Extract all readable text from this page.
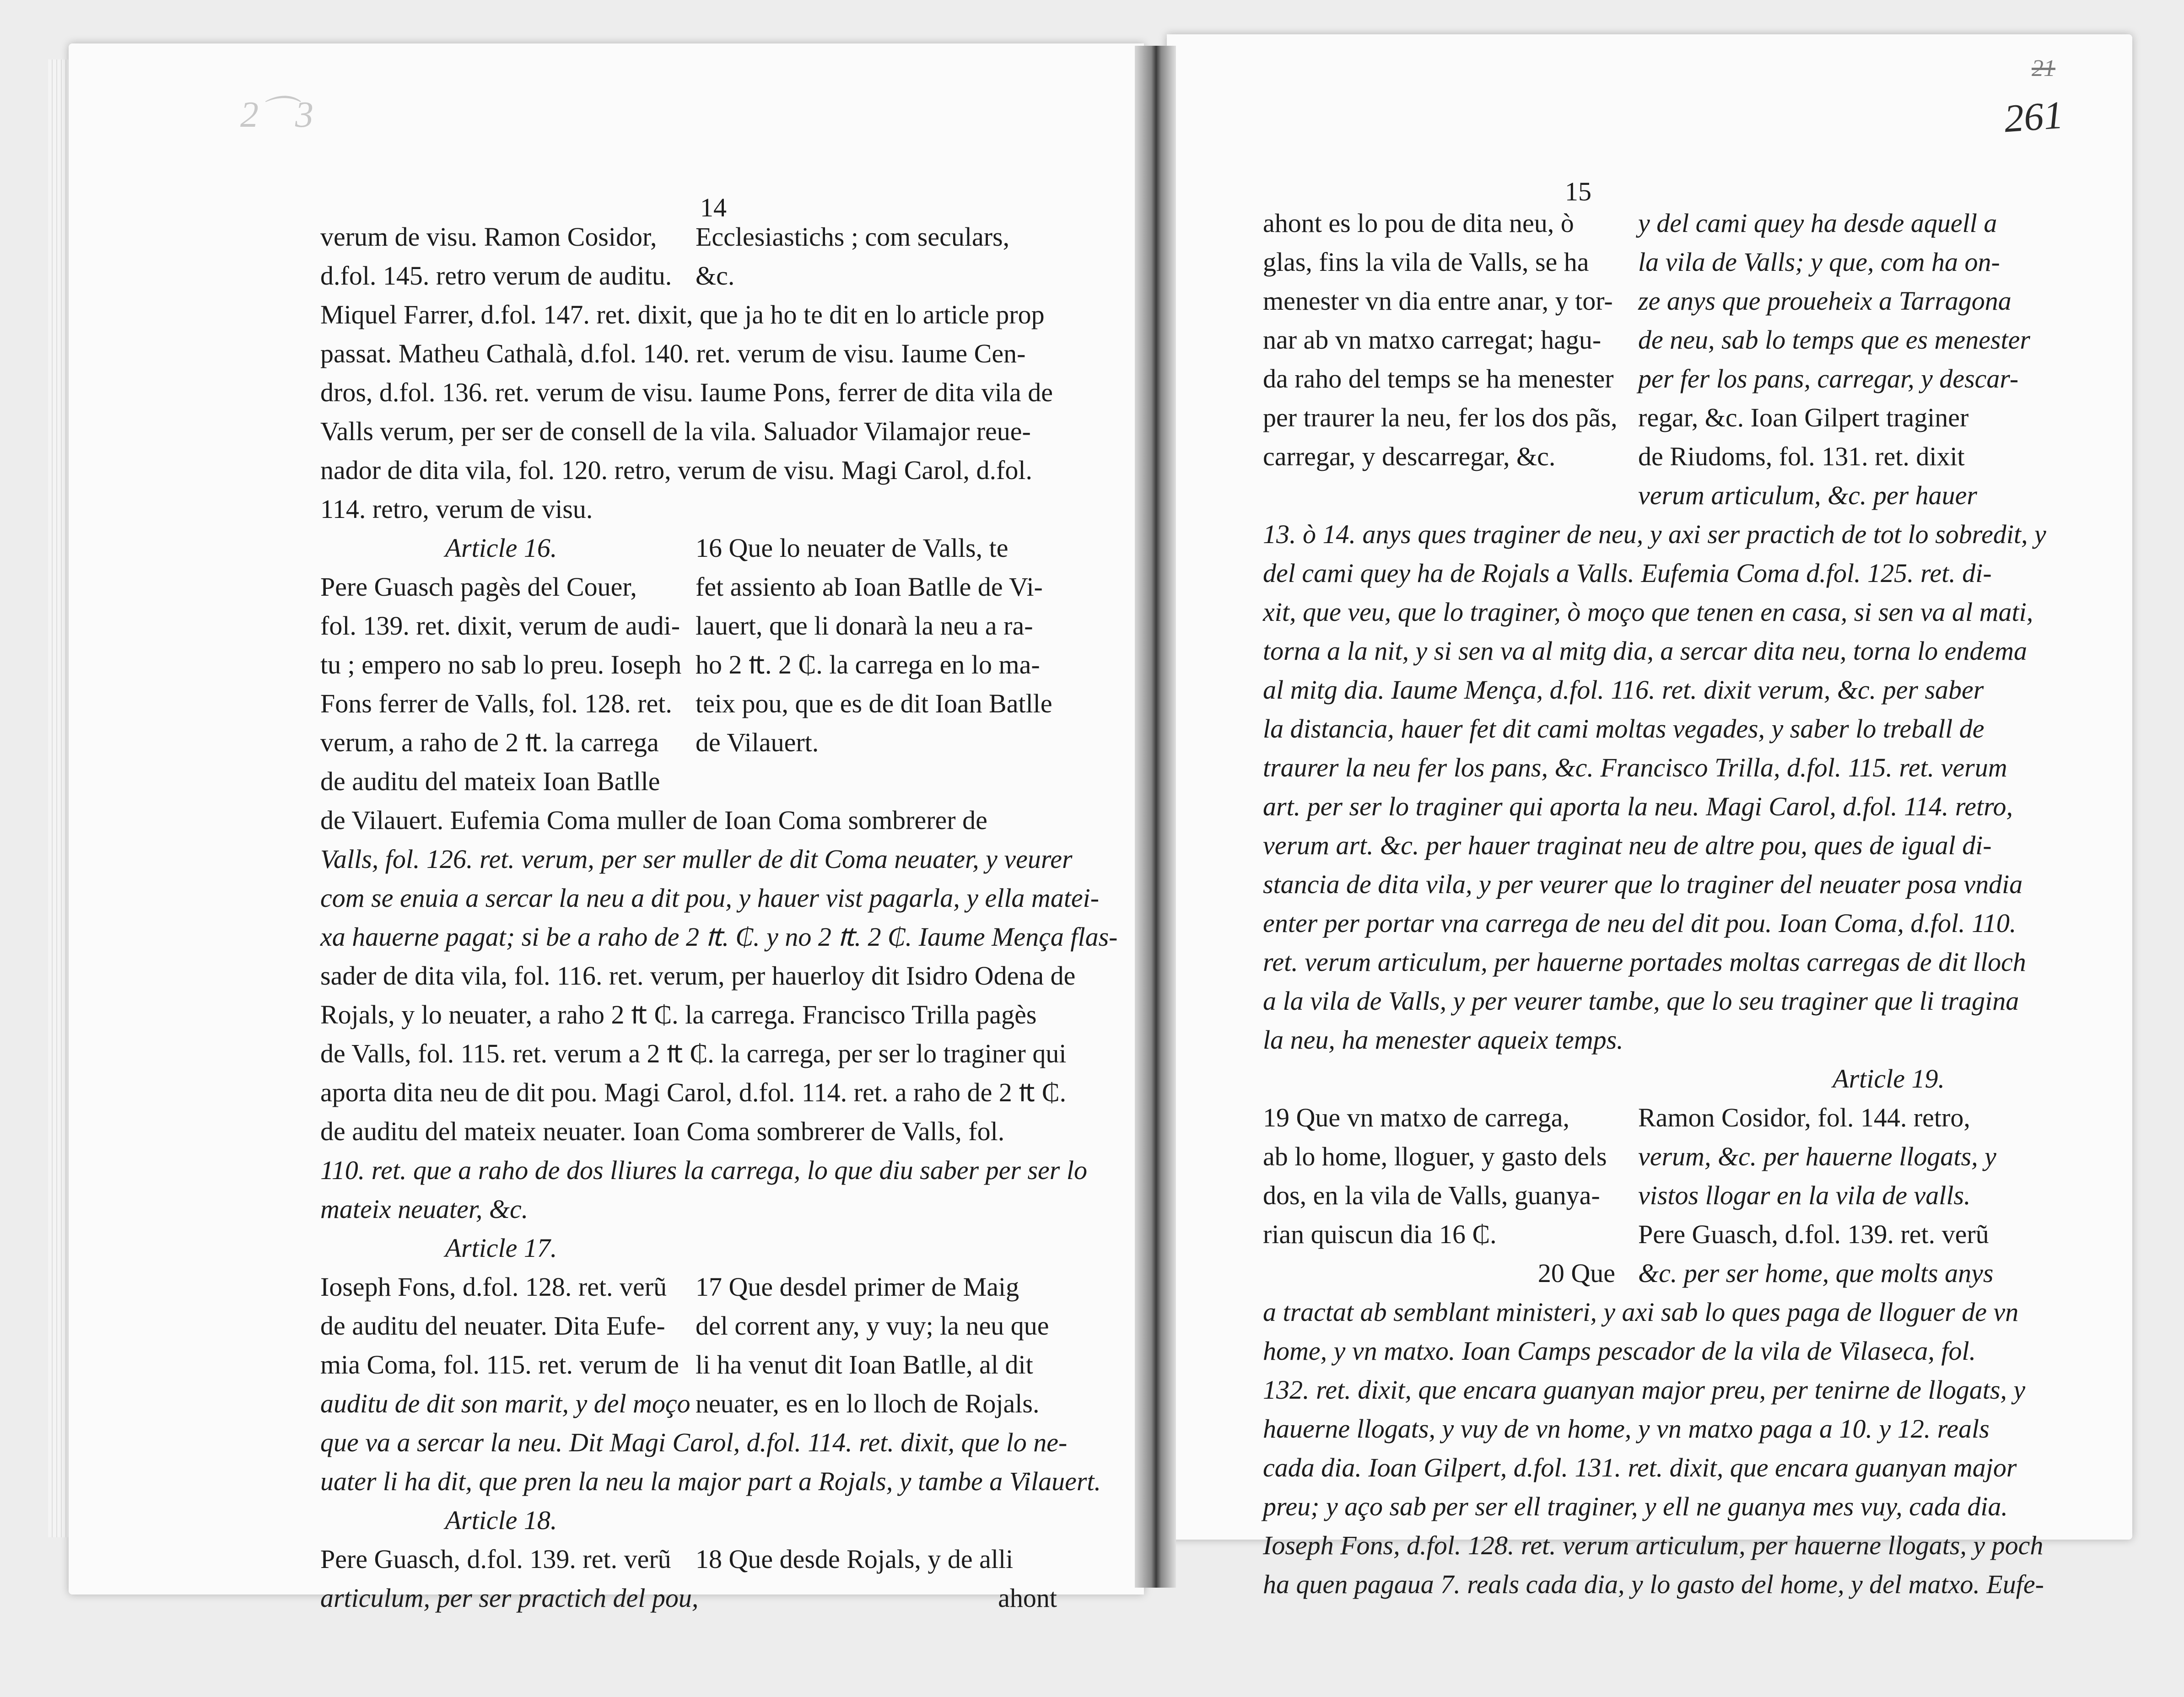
2⌒3
14
verum de visu. Ramon Cosidor,
d.fol. 145. retro verum de auditu.
Ecclesiastichs ; com seculars,
&c.
Miquel Farrer, d.fol. 147. ret. dixit, que ja ho te dit en lo article prop
passat. Matheu Cathalà, d.fol. 140. ret. verum de visu. Iaume Cen-
dros, d.fol. 136. ret. verum de visu. Iaume Pons, ferrer de dita vila de
Valls verum, per ser de consell de la vila. Saluador Vilamajor reue-
nador de dita vila, fol. 120. retro, verum de visu. Magi Carol, d.fol.
114. retro, verum de visu.
Article 16.
Pere Guasch pagès del Couer,
fol. 139. ret. dixit, verum de audi-
tu ; empero no sab lo preu. Ioseph
Fons ferrer de Valls, fol. 128. ret.
verum, a raho de 2 ₶. la carrega
de auditu del mateix Ioan Batlle
16 Que lo neuater de Valls, te
fet assiento ab Ioan Batlle de Vi-
lauert, que li donarà la neu a ra-
ho 2 ₶. 2 ₵. la carrega en lo ma-
teix pou, que es de dit Ioan Batlle
de Vilauert.
de Vilauert. Eufemia Coma muller de Ioan Coma sombrerer de
Valls, fol. 126. ret. verum, per ser muller de dit Coma neuater, y veurer
com se enuia a sercar la neu a dit pou, y hauer vist pagarla, y ella matei-
xa hauerne pagat; si be a raho de 2 ₶. ₵. y no 2 ₶. 2 ₵. Iaume Mença flas-
sader de dita vila, fol. 116. ret. verum, per hauerloy dit Isidro Odena de
Rojals, y lo neuater, a raho 2 ₶ ₵. la carrega. Francisco Trilla pagès
de Valls, fol. 115. ret. verum a 2 ₶ ₵. la carrega, per ser lo traginer qui
aporta dita neu de dit pou. Magi Carol, d.fol. 114. ret. a raho de 2 ₶ ₵.
de auditu del mateix neuater. Ioan Coma sombrerer de Valls, fol.
110. ret. que a raho de dos lliures la carrega, lo que diu saber per ser lo
mateix neuater, &c.
Article 17.
Ioseph Fons, d.fol. 128. ret. verũ
de auditu del neuater. Dita Eufe-
mia Coma, fol. 115. ret. verum de
auditu de dit son marit, y del moço
17 Que desdel primer de Maig
del corrent any, y vuy; la neu que
li ha venut dit Ioan Batlle, al dit
neuater, es en lo lloch de Rojals.
que va a sercar la neu. Dit Magi Carol, d.fol. 114. ret. dixit, que lo ne-
uater li ha dit, que pren la neu la major part a Rojals, y tambe a Vilauert.
Article 18.
Pere Guasch, d.fol. 139. ret. verũ
articulum, per ser practich del pou,
18 Que desde Rojals, y de alli
ahont
21
261
15
ahont es lo pou de dita neu, ò
glas, fins la vila de Valls, se ha
menester vn dia entre anar, y tor-
nar ab vn matxo carregat; hagu-
da raho del temps se ha menester
per traurer la neu, fer los dos pãs,
carregar, y descarregar, &c.
y del cami quey ha desde aquell a
la vila de Valls; y que, com ha on-
ze anys que proueheix a Tarragona
de neu, sab lo temps que es menester
per fer los pans, carregar, y descar-
regar, &c. Ioan Gilpert traginer
de Riudoms, fol. 131. ret. dixit
verum articulum, &c. per hauer
13. ò 14. anys ques traginer de neu, y axi ser practich de tot lo sobredit, y
del cami quey ha de Rojals a Valls. Eufemia Coma d.fol. 125. ret. di-
xit, que veu, que lo traginer, ò moço que tenen en casa, si sen va al mati,
torna a la nit, y si sen va al mitg dia, a sercar dita neu, torna lo endema
al mitg dia. Iaume Mença, d.fol. 116. ret. dixit verum, &c. per saber
la distancia, hauer fet dit cami moltas vegades, y saber lo treball de
traurer la neu fer los pans, &c. Francisco Trilla, d.fol. 115. ret. verum
art. per ser lo traginer qui aporta la neu. Magi Carol, d.fol. 114. retro,
verum art. &c. per hauer traginat neu de altre pou, ques de igual di-
stancia de dita vila, y per veurer que lo traginer del neuater posa vndia
enter per portar vna carrega de neu del dit pou. Ioan Coma, d.fol. 110.
ret. verum articulum, per hauerne portades moltas carregas de dit lloch
a la vila de Valls, y per veurer tambe, que lo seu traginer que li tragina
la neu, ha menester aqueix temps.
Article 19.
19 Que vn matxo de carrega,
ab lo home, lloguer, y gasto dels
dos, en la vila de Valls, guanya-
rian quiscun dia 16 ₵.
20 Que
Ramon Cosidor, fol. 144. retro,
verum, &c. per hauerne llogats, y
vistos llogar en la vila de valls.
Pere Guasch, d.fol. 139. ret. verũ
&c. per ser home, que molts anys
a tractat ab semblant ministeri, y axi sab lo ques paga de lloguer de vn
home, y vn matxo. Ioan Camps pescador de la vila de Vilaseca, fol.
132. ret. dixit, que encara guanyan major preu, per tenirne de llogats, y
hauerne llogats, y vuy de vn home, y vn matxo paga a 10. y 12. reals
cada dia. Ioan Gilpert, d.fol. 131. ret. dixit, que encara guanyan major
preu; y aço sab per ser ell traginer, y ell ne guanya mes vuy, cada dia.
Ioseph Fons, d.fol. 128. ret. verum articulum, per hauerne llogats, y poch
ha quen pagaua 7. reals cada dia, y lo gasto del home, y del matxo. Eufe-
